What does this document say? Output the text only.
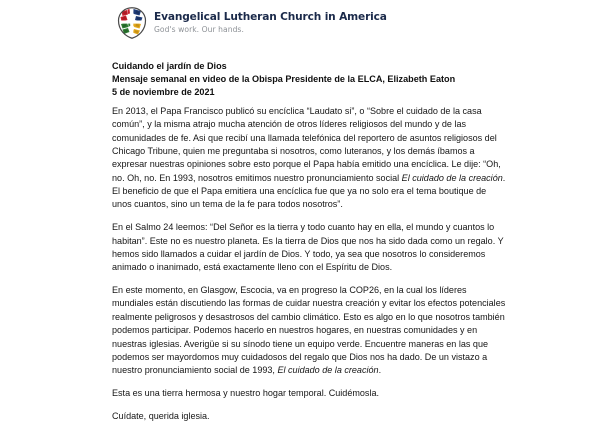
Evangelical Lutheran Church in America
God's work. Our hands.
Cuidando el jardín de Dios
Mensaje semanal en video de la Obispa Presidente de la ELCA, Elizabeth Eaton
5 de noviembre de 2021

En 2013, el Papa Francisco publicó su encíclica “Laudato si”, o “Sobre el cuidado de la casa común”, y la misma atrajo mucha atención de otros líderes religiosos del mundo y de las comunidades de fe. Asi que recibí una llamada telefónica del reportero de asuntos religiosos del Chicago Tribune, quien me preguntaba si nosotros, como luteranos, y los demás íbamos a expresar nuestras opiniones sobre esto porque el Papa había emitido una encíclica. Le dije: “Oh, no. Oh, no. En 1993, nosotros emitimos nuestro pronunciamiento social El cuidado de la creación. El beneficio de que el Papa emitiera una encíclica fue que ya no solo era el tema boutique de unos cuantos, sino un tema de la fe para todos nosotros”.

En el Salmo 24 leemos: “Del Señor es la tierra y todo cuanto hay en ella, el mundo y cuantos lo habitan”. Este no es nuestro planeta. Es la tierra de Dios que nos ha sido dada como un regalo. Y hemos sido llamados a cuidar el jardín de Dios. Y todo, ya sea que nosotros lo consideremos animado o inanimado, está exactamente lleno con el Espíritu de Dios.

En este momento, en Glasgow, Escocia, va en progreso la COP26, en la cual los líderes mundiales están discutiendo las formas de cuidar nuestra creación y evitar los efectos potenciales realmente peligrosos y desastrosos del cambio climático. Esto es algo en lo que nosotros también podemos participar. Podemos hacerlo en nuestros hogares, en nuestras comunidades y en nuestras iglesias. Averigüe si su sínodo tiene un equipo verde. Encuentre maneras en las que podemos ser mayordomos muy cuidadosos del regalo que Dios nos ha dado. De un vistazo a nuestro pronunciamiento social de 1993, El cuidado de la creación.

Esta es una tierra hermosa y nuestro hogar temporal. Cuidémosla.

Cuídate, querida iglesia.
